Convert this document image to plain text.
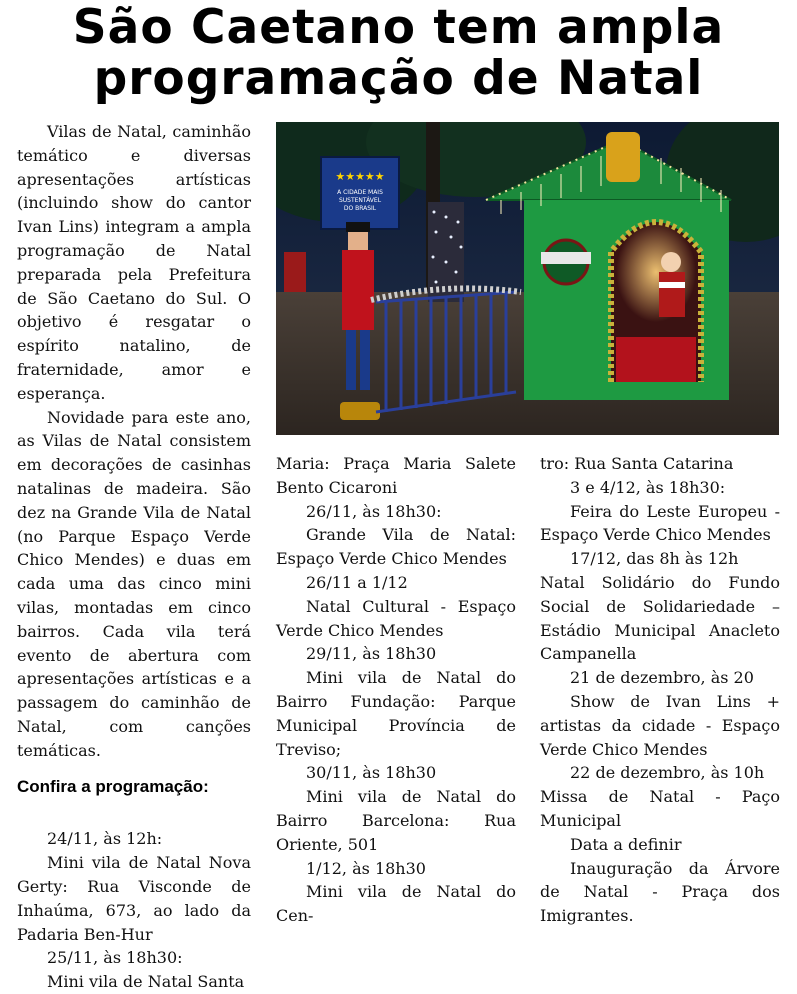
São Caetano tem ampla programação de Natal

Vilas de Natal, caminhão temático e diversas apresentações artísticas (incluindo show do cantor Ivan Lins) integram a ampla programação de Natal preparada pela Prefeitura de São Caetano do Sul. O objetivo é resgatar o espírito natalino, de fraternidade, amor e esperança.

Novidade para este ano, as Vilas de Natal consistem em decorações de casinhas natalinas de madeira. São dez na Grande Vila de Natal (no Parque Espaço Verde Chico Mendes) e duas em cada uma das cinco mini vilas, montadas em cinco bairros. Cada vila terá evento de abertura com apresentações artísticas e a passagem do caminhão de Natal, com canções temáticas.

Confira a programação:

24/11, às 12h:

Mini vila de Natal Nova Gerty: Rua Visconde de Inhaúma, 673, ao lado da Padaria Ben-Hur

25/11, às 18h30:

Mini vila de Natal Santa

★★★★★
A CIDADE MAIS
SUSTENTÁVEL
DO BRASIL

Maria: Praça Maria Salete Bento Cicaroni

26/11, às 18h30:

Grande Vila de Natal: Espaço Verde Chico Mendes

26/11 a 1/12

Natal Cultural - Espaço Verde Chico Mendes

29/11, às 18h30

Mini vila de Natal do Bairro Fundação: Parque Municipal Província de Treviso;

30/11, às 18h30

Mini vila de Natal do Bairro Barcelona: Rua Oriente, 501

1/12, às 18h30

Mini vila de Natal do Cen-

tro: Rua Santa Catarina

3 e 4/12, às 18h30:

Feira do Leste Europeu - Espaço Verde Chico Mendes

17/12, das 8h às 12h

Natal Solidário do Fundo Social de Solidariedade – Estádio Municipal Anacleto Campanella

21 de dezembro, às 20

Show de Ivan Lins + artistas da cidade - Espaço Verde Chico Mendes

22 de dezembro, às 10h

Missa de Natal - Paço Municipal

Data a definir

Inauguração da Árvore de Natal - Praça dos Imigrantes.
